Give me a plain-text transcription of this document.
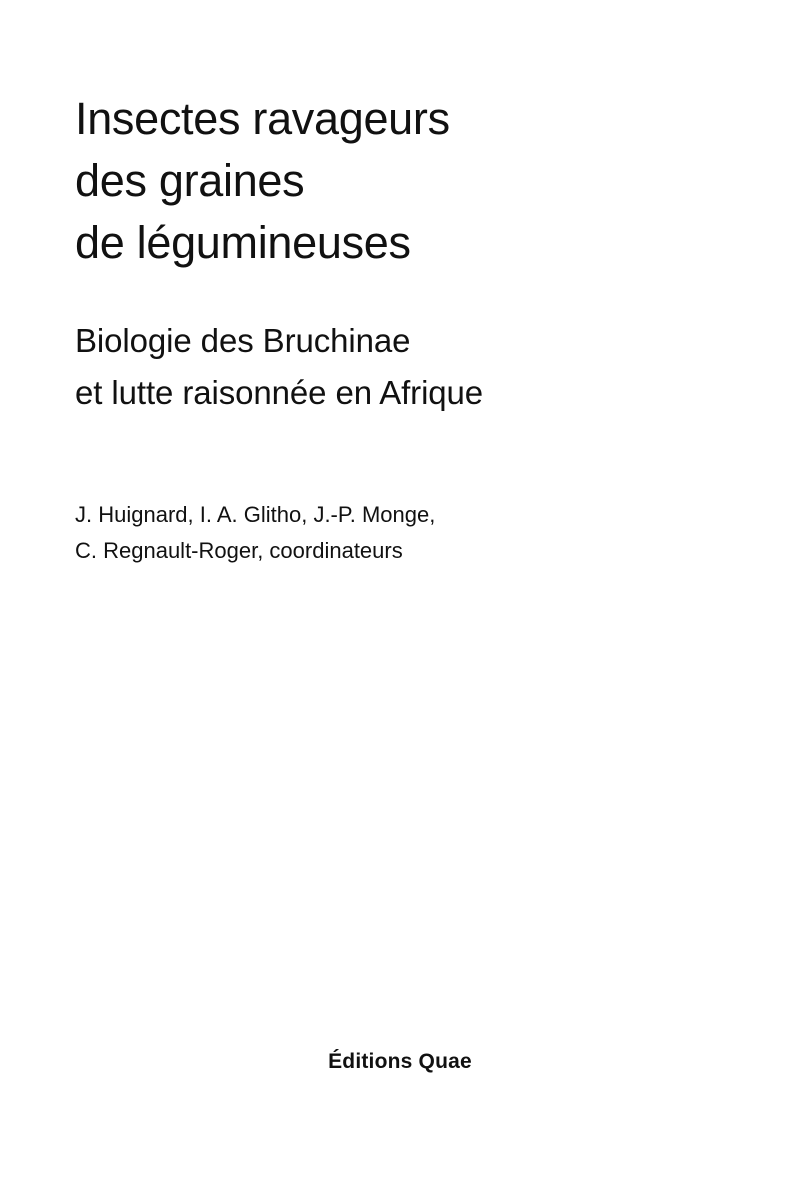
Insectes ravageurs
des graines
de légumineuses
Biologie des Bruchinae
et lutte raisonnée en Afrique

J. Huignard, I. A. Glitho, J.-P. Monge,
C. Regnault-Roger, coordinateurs

Éditions Quae
